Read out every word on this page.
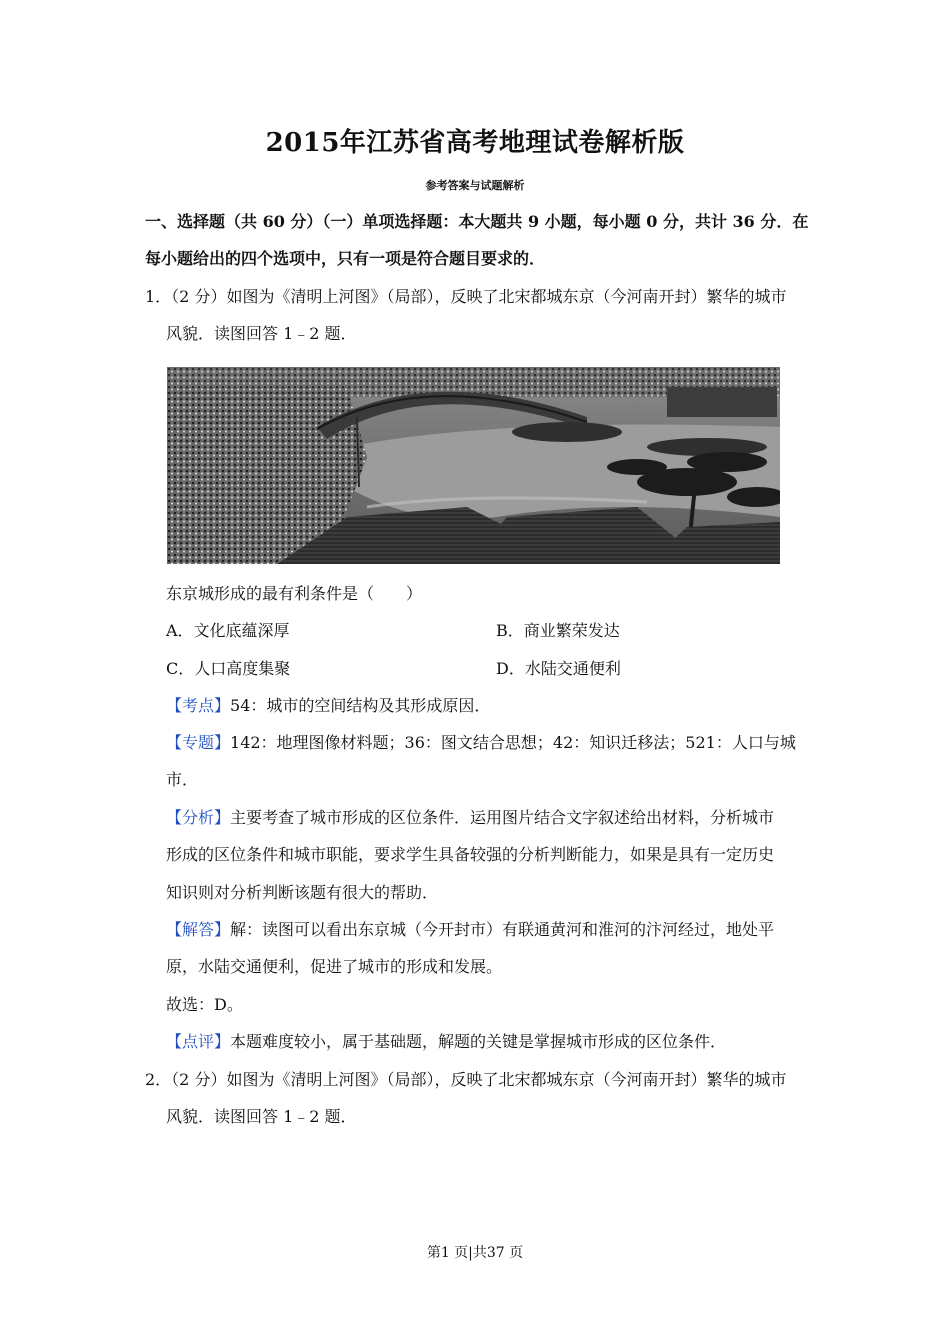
2015年江苏省高考地理试卷解析版
参考答案与试题解析
一、选择题（共 60 分）（一）单项选择题：本大题共 9 小题，每小题 0 分，共计 36 分．在
每小题给出的四个选项中，只有一项是符合题目要求的．
1．（2 分）如图为《清明上河图》（局部），反映了北宋都城东京（今河南开封）繁华的城市
风貌．读图回答 1﹣2 题．
东京城形成的最有利条件是（　　）
A．文化底蕴深厚	B．商业繁荣发达
C．人口高度集聚	D．水陆交通便利
【考点】54：城市的空间结构及其形成原因．
【专题】142：地理图像材料题；36：图文结合思想；42：知识迁移法；521：人口与城
市．
【分析】主要考查了城市形成的区位条件．运用图片结合文字叙述给出材料，分析城市
形成的区位条件和城市职能，要求学生具备较强的分析判断能力，如果是具有一定历史
知识则对分析判断该题有很大的帮助．
【解答】解：读图可以看出东京城（今开封市）有联通黄河和淮河的汴河经过，地处平
原，水陆交通便利，促进了城市的形成和发展。
故选：D。
【点评】本题难度较小，属于基础题，解题的关键是掌握城市形成的区位条件．
2．（2 分）如图为《清明上河图》（局部），反映了北宋都城东京（今河南开封）繁华的城市
风貌．读图回答 1﹣2 题．
第1 页|共37 页
